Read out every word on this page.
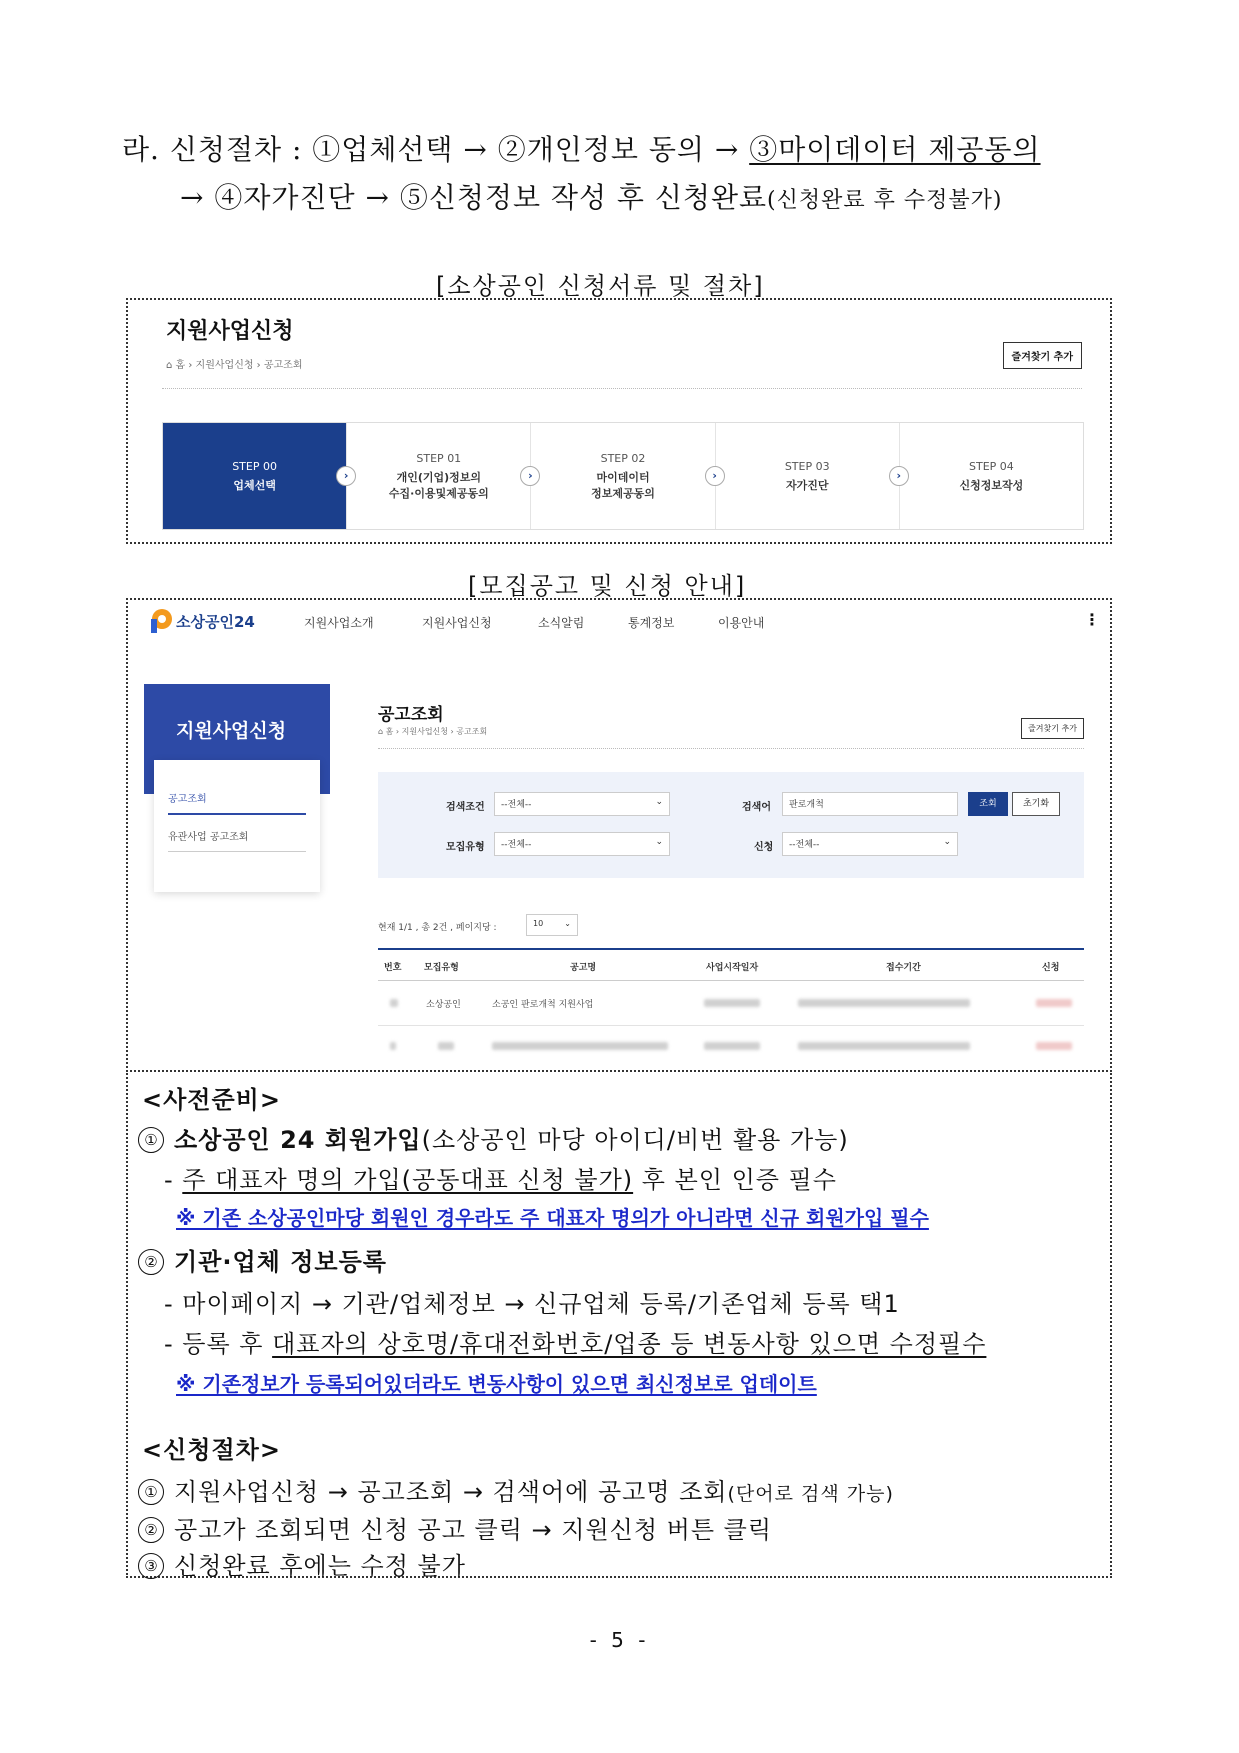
라. 신청절차 : ①업체선택 → ②개인정보 동의 → ③마이데이터 제공동의
→ ④자가진단 → ⑤신청정보 작성 후 신청완료(신청완료 후 수정불가)
[소상공인 신청서류 및 절차]
지원사업신청
⌂ 홈 › 지원사업신청 › 공고조회
즐겨찾기 추가
STEP 00
업체선택
›
STEP 01
개인(기업)정보의
수집·이용및제공동의
›
STEP 02
마이데이터
정보제공동의
›
STEP 03
자가진단
›
STEP 04
신청정보작성
[모집공고 및 신청 안내]
소상공인24	지원사업소개	지원사업신청	소식알림	통계정보	이용안내	⋮
지원사업신청
공고조회
유관사업 공고조회
공고조회
⌂ 홈 › 지원사업신청 › 공고조회	즐겨찾기 추가
검색조건	--전체--	⌄	검색어	판로개척	조회	초기화
모집유형	--전체--	⌄	신청	--전체--	⌄
현재 1/1 , 총 2건 , 페이지당 :	10	⌄
번호	모집유형	공고명	사업시작일자	접수기간	신청
소상공인	소공인 판로개척 지원사업
<사전준비>
① 소상공인 24 회원가입(소상공인 마당 아이디/비번 활용 가능)
- 주 대표자 명의 가입(공동대표 신청 불가) 후 본인 인증 필수
※ 기존 소상공인마당 회원인 경우라도 주 대표자 명의가 아니라면 신규 회원가입 필수
② 기관·업체 정보등록
- 마이페이지 → 기관/업체정보 → 신규업체 등록/기존업체 등록 택1
- 등록 후 대표자의 상호명/휴대전화번호/업종 등 변동사항 있으면 수정필수
※ 기존정보가 등록되어있더라도 변동사항이 있으면 최신정보로 업데이트
<신청절차>
① 지원사업신청 → 공고조회 → 검색어에 공고명 조회(단어로 검색 가능)
② 공고가 조회되면 신청 공고 클릭 → 지원신청 버튼 클릭
③ 신청완료 후에는 수정 불가
- 5 -
